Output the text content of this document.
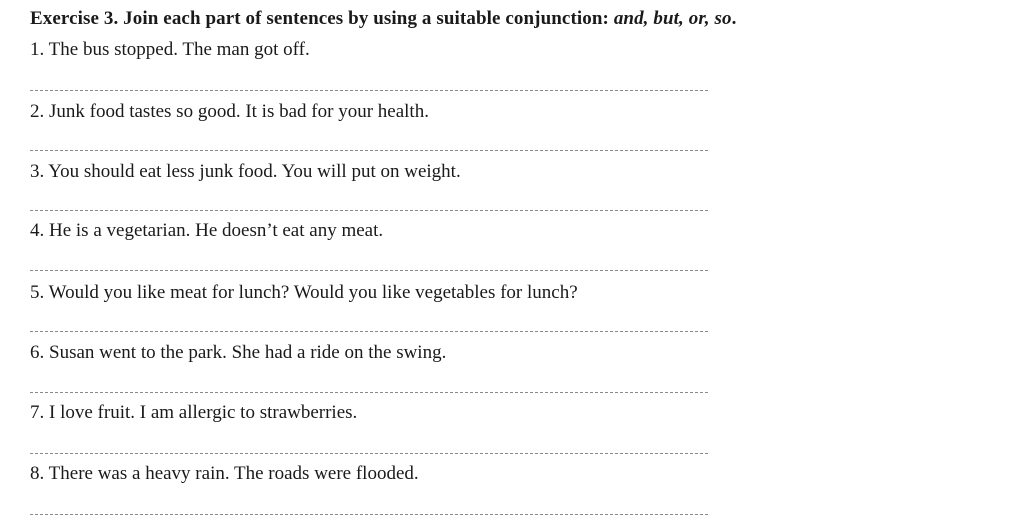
Exercise 3. Join each part of sentences by using a suitable conjunction: and, but, or, so.
1. The bus stopped. The man got off.
2. Junk food tastes so good. It is bad for your health.
3. You should eat less junk food. You will put on weight.
4. He is a vegetarian. He doesn’t eat any meat.
5. Would you like meat for lunch? Would you like vegetables for lunch?
6. Susan went to the park. She had a ride on the swing.
7. I love fruit. I am allergic to strawberries.
8. There was a heavy rain. The roads were flooded.
